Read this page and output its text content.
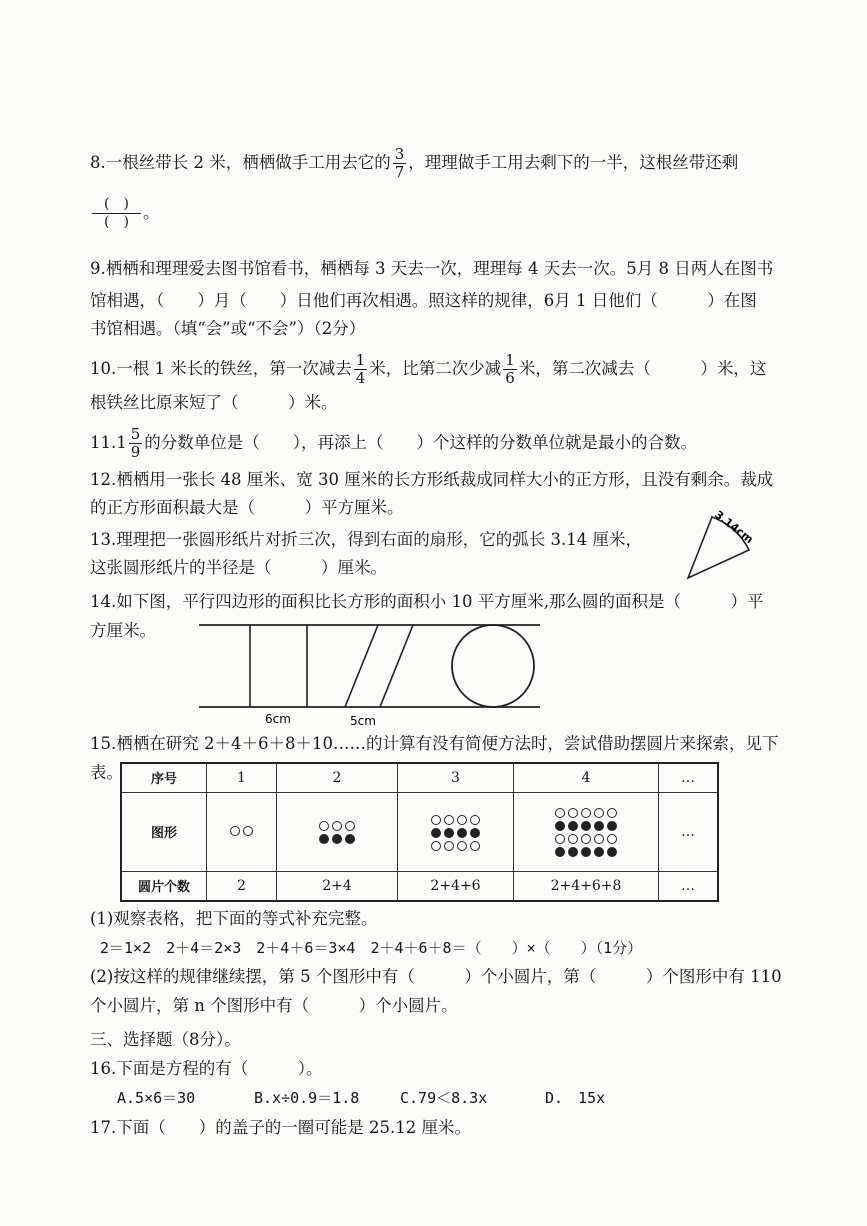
8.一根丝带长 2 米，栖栖做手工用去它的 $\frac{3}{7}$ ，理理做手工用去剩下的一半，这根丝带还剩
$\frac{( )}{( )}$ 。
9.栖栖和理理爱去图书馆看书，栖栖每 3 天去一次，理理每 4 天去一次。5月 8 日两人在图书
馆相遇，（　　）月（　　）日他们再次相遇。照这样的规律，6月 1 日他们（　　　）在图
书馆相遇。（填“会”或“不会”）（2分）
10.一根 1 米长的铁丝，第一次减去 $\frac{1}{4}$ 米，比第二次少减 $\frac{1}{6}$ 米，第二次减去（　　　）米，这
根铁丝比原来短了（　　　）米。
$11.1 \frac{5}{9}$ 的分数单位是（　　），再添上（　　）个这样的分数单位就是最小的合数。
12.栖栖用一张长 48 厘米、宽 30 厘米的长方形纸裁成同样大小的正方形，且没有剩余。裁成
的正方形面积最大是（　　　）平方厘米。
13.理理把一张圆形纸片对折三次，得到右面的扇形，它的弧长 3.14 厘米，
这张圆形纸片的半径是（　　　）厘米。
3.14cm
14.如下图，平行四边形的面积比长方形的面积小 10 平方厘米,那么圆的面积是（　　　）平
方厘米。
6cm	5cm
15.栖栖在研究 2＋4＋6＋8＋10……的计算有没有简便方法时，尝试借助摆圆片来探索，见下
表。 序号	1	2	3	4	…
图形					…
圆片个数	2	2+4	2+4+6	2+4+6+8	…
(1)观察表格，把下面的等式补充完整。
2＝1×2　2＋4＝2×3　2＋4＋6＝3×4　2＋4＋6＋8＝（　　）×（　　）（1分）
(2)按这样的规律继续摆，第 5 个图形中有（　　　）个小圆片，第（　　　）个图形中有 110
个小圆片，第 n 个图形中有（　　　）个小圆片。
三、选择题（8分）。
16.下面是方程的有（　　　）。
A.5×6＝30	B.x÷0.9＝1.8	C.79＜8.3x	D.　15x
17.下面（　　）的盖子的一圈可能是 25.12 厘米。
